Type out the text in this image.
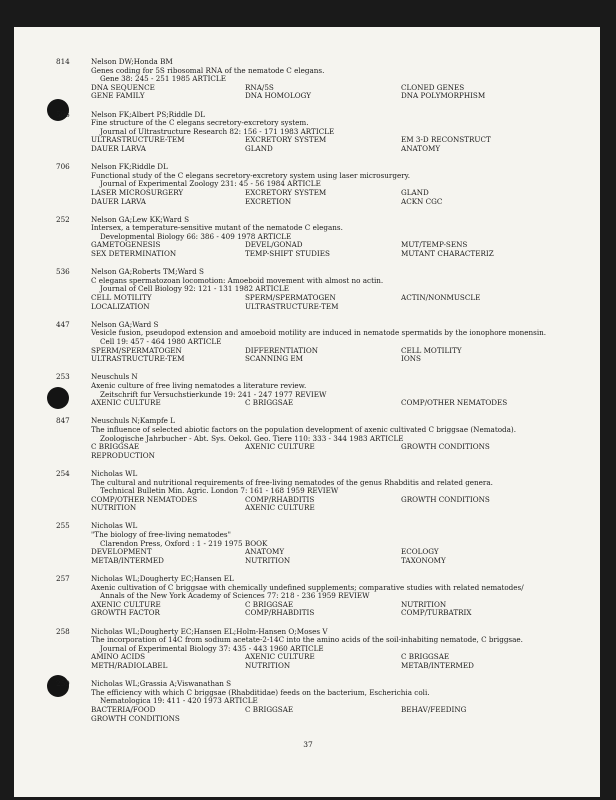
814	Nelson DW;Honda BM
Genes coding for 5S ribosomal RNA of the nematode C elegans.
Gene 38: 245 - 251 1985 ARTICLE
DNA SEQUENCE	RNA/5S	CLONED GENES
GENE FAMILY	DNA HOMOLOGY	DNA POLYMORPHISM
596	Nelson FK;Albert PS;Riddle DL
Fine structure of the C elegans secretory-excretory system.
Journal of Ultrastructure Research 82: 156 - 171 1983 ARTICLE
ULTRASTRUCTURE-TEM	EXCRETORY SYSTEM	EM 3-D RECONSTRUCT
DAUER LARVA	GLAND	ANATOMY
706	Nelson FK;Riddle DL
Functional study of the C elegans secretory-excretory system using laser microsurgery.
Journal of Experimental Zoology 231: 45 - 56 1984 ARTICLE
LASER MICROSURGERY	EXCRETORY SYSTEM	GLAND
DAUER LARVA	EXCRETION	ACKN CGC
252	Nelson GA;Lew KK;Ward S
Intersex, a temperature-sensitive mutant of the nematode C elegans.
Developmental Biology 66: 386 - 409 1978 ARTICLE
GAMETOGENESIS	DEVEL/GONAD	MUT/TEMP-SENS
SEX DETERMINATION	TEMP-SHIFT STUDIES	MUTANT CHARACTERIZ
536	Nelson GA;Roberts TM;Ward S
C elegans spermatozoan locomotion: Amoeboid movement with almost no actin.
Journal of Cell Biology 92: 121 - 131 1982 ARTICLE
CELL MOTILITY	SPERM/SPERMATOGEN	ACTIN/NONMUSCLE
LOCALIZATION	ULTRASTRUCTURE-TEM
447	Nelson GA;Ward S
Vesicle fusion, pseudopod extension and amoeboid motility are induced in nematode spermatids by the ionophore monensin.
Cell 19: 457 - 464 1980 ARTICLE
SPERM/SPERMATOGEN	DIFFERENTIATION	CELL MOTILITY
ULTRASTRUCTURE-TEM	SCANNING EM	IONS
253	Neuschuls N
Axenic culture of free living nematodes a literature review.
Zeitschrift fur Versuchstierkunde 19: 241 - 247 1977 REVIEW
AXENIC CULTURE	C BRIGGSAE	COMP/OTHER NEMATODES
847	Neuschuls N;Kampfe L
The influence of selected abiotic factors on the population development of axenic cultivated C briggsae (Nematoda).
Zoologische Jahrbucher - Abt. Sys. Oekol. Geo. Tiere 110: 333 - 344 1983 ARTICLE
C BRIGGSAE	AXENIC CULTURE	GROWTH CONDITIONS
REPRODUCTION
254	Nicholas WL
The cultural and nutritional requirements of free-living nematodes of the genus Rhabditis and related genera.
Technical Bulletin Min. Agric. London 7: 161 - 168 1959 REVIEW
COMP/OTHER NEMATODES	COMP/RHABDITIS	GROWTH CONDITIONS
NUTRITION	AXENIC CULTURE
255	Nicholas WL
"The biology of free-living nematodes"
Clarendon Press, Oxford : 1 - 219 1975 BOOK
DEVELOPMENT	ANATOMY	ECOLOGY
METAB/INTERMED	NUTRITION	TAXONOMY
257	Nicholas WL;Dougherty EC;Hansen EL
Axenic cultivation of C briggsae with chemically undefined supplements; comparative studies with related nematodes/
Annals of the New York Academy of Sciences 77: 218 - 236 1959 REVIEW
AXENIC CULTURE	C BRIGGSAE	NUTRITION
GROWTH FACTOR	COMP/RHABDITIS	COMP/TURBATRIX
258	Nicholas WL;Dougherty EC;Hansen EL;Holm-Hansen O;Moses V
The incorporation of 14C from sodium acetate-2-14C into the amino acids of the soil-inhabiting nematode, C briggsae.
Journal of Experimental Biology 37: 435 - 443 1960 ARTICLE
AMINO ACIDS	AXENIC CULTURE	C BRIGGSAE
METH/RADIOLABEL	NUTRITION	METAB/INTERMED
259	Nicholas WL;Grassia A;Viswanathan S
The efficiency with which C briggsae (Rhabditidae) feeds on the bacterium, Escherichia coli.
Nematologica 19: 411 - 420 1973 ARTICLE
BACTERIA/FOOD	C BRIGGSAE	BEHAV/FEEDING
GROWTH CONDITIONS
37
